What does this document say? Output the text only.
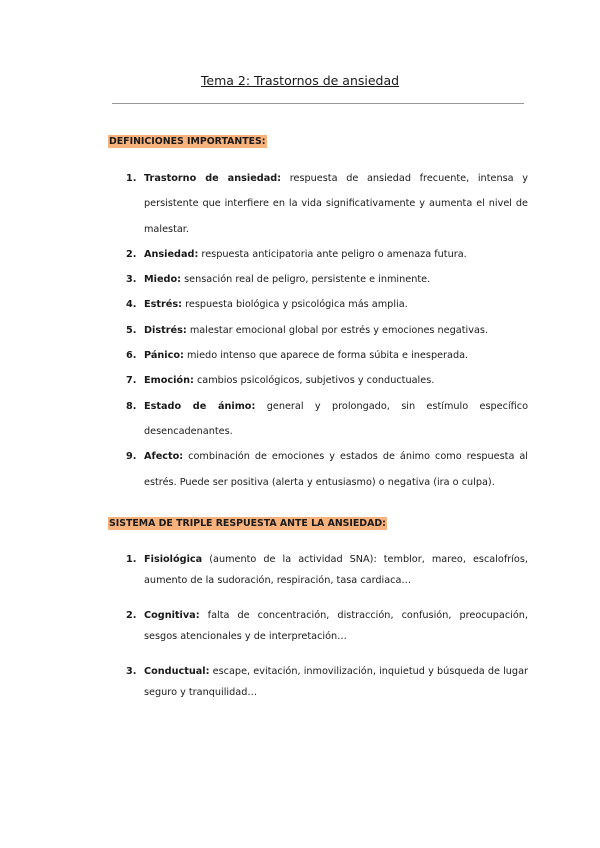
Tema 2: Trastornos de ansiedad
DEFINICIONES IMPORTANTES:
1. Trastorno de ansiedad: respuesta de ansiedad frecuente, intensa y persistente que interfiere en la vida significativamente y aumenta el nivel de malestar.
2. Ansiedad: respuesta anticipatoria ante peligro o amenaza futura.
3. Miedo: sensación real de peligro, persistente e inminente.
4. Estrés: respuesta biológica y psicológica más amplia.
5. Distrés: malestar emocional global por estrés y emociones negativas.
6. Pánico: miedo intenso que aparece de forma súbita e inesperada.
7. Emoción: cambios psicológicos, subjetivos y conductuales.
8. Estado de ánimo: general y prolongado, sin estímulo específico desencadenantes.
9. Afecto: combinación de emociones y estados de ánimo como respuesta al estrés. Puede ser positiva (alerta y entusiasmo) o negativa (ira o culpa).
SISTEMA DE TRIPLE RESPUESTA ANTE LA ANSIEDAD:
1. Fisiológica (aumento de la actividad SNA): temblor, mareo, escalofríos, aumento de la sudoración, respiración, tasa cardiaca…
2. Cognitiva: falta de concentración, distracción, confusión, preocupación, sesgos atencionales y de interpretación…
3. Conductual: escape, evitación, inmovilización, inquietud y búsqueda de lugar seguro y tranquilidad…
